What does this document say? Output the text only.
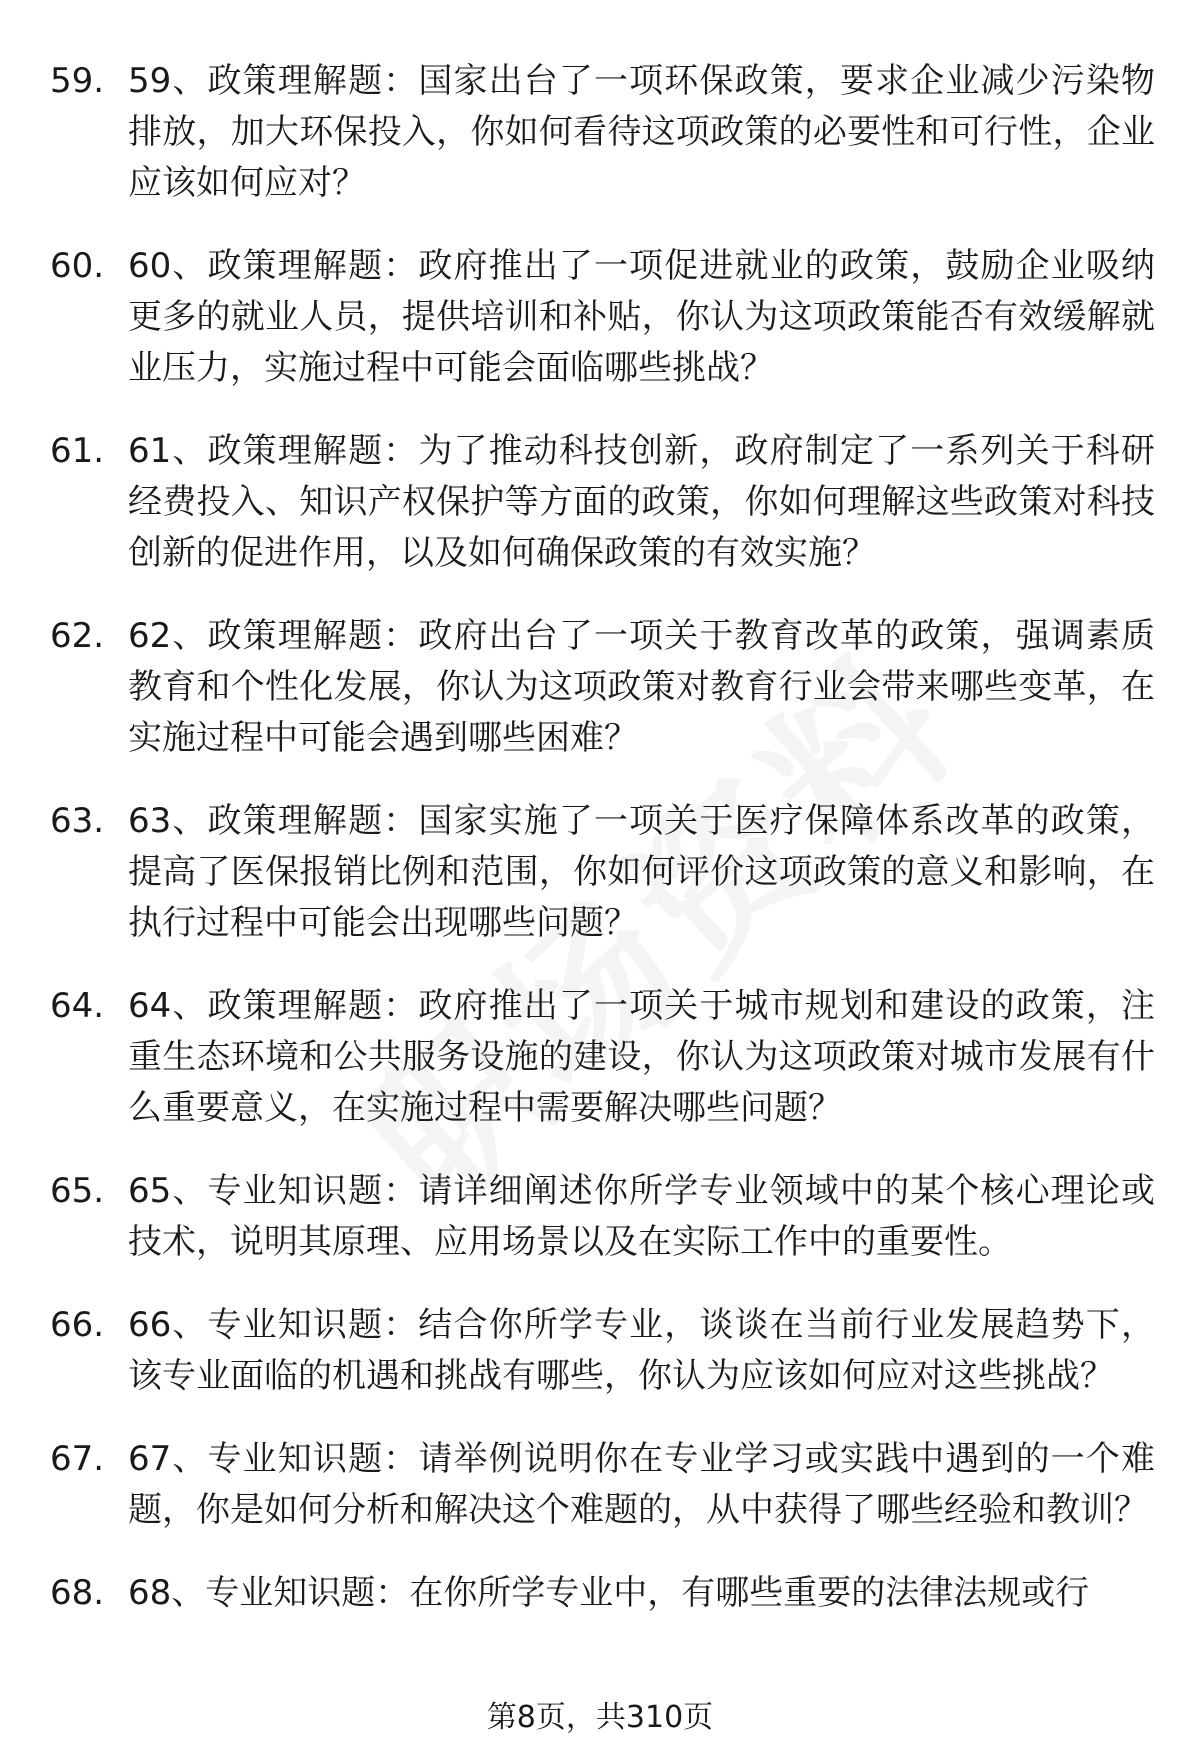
59. 59、政策理解题：国家出台了一项环保政策，要求企业减少污染物排放，加大环保投入，你如何看待这项政策的必要性和可行性，企业应该如何应对？
60. 60、政策理解题：政府推出了一项促进就业的政策，鼓励企业吸纳更多的就业人员，提供培训和补贴，你认为这项政策能否有效缓解就业压力，实施过程中可能会面临哪些挑战？
61. 61、政策理解题：为了推动科技创新，政府制定了一系列关于科研经费投入、知识产权保护等方面的政策，你如何理解这些政策对科技创新的促进作用，以及如何确保政策的有效实施？
62. 62、政策理解题：政府出台了一项关于教育改革的政策，强调素质教育和个性化发展，你认为这项政策对教育行业会带来哪些变革，在实施过程中可能会遇到哪些困难？
63. 63、政策理解题：国家实施了一项关于医疗保障体系改革的政策，提高了医保报销比例和范围，你如何评价这项政策的意义和影响，在执行过程中可能会出现哪些问题？
64. 64、政策理解题：政府推出了一项关于城市规划和建设的政策，注重生态环境和公共服务设施的建设，你认为这项政策对城市发展有什么重要意义，在实施过程中需要解决哪些问题？
65. 65、专业知识题：请详细阐述你所学专业领域中的某个核心理论或技术，说明其原理、应用场景以及在实际工作中的重要性。
66. 66、专业知识题：结合你所学专业，谈谈在当前行业发展趋势下，该专业面临的机遇和挑战有哪些，你认为应该如何应对这些挑战？
67. 67、专业知识题：请举例说明你在专业学习或实践中遇到的一个难题，你是如何分析和解决这个难题的，从中获得了哪些经验和教训？
68. 68、专业知识题：在你所学专业中，有哪些重要的法律法规或行
第8页，共310页
